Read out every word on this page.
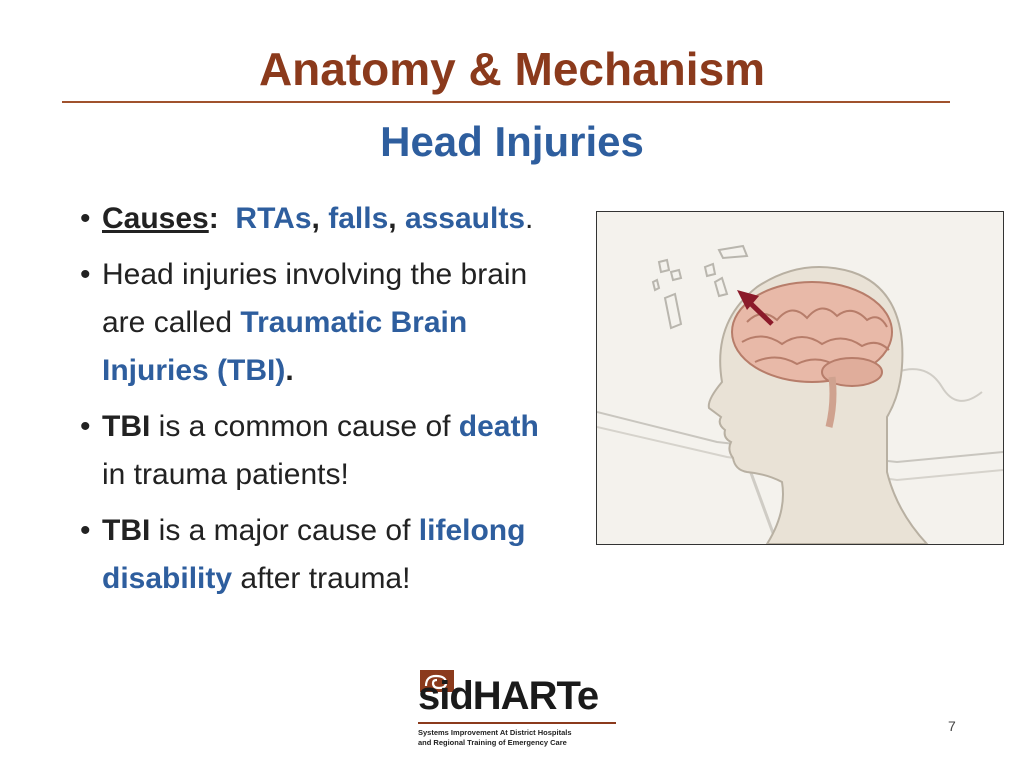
Anatomy & Mechanism
Head Injuries
• Causes: RTAs, falls, assaults.
• Head injuries involving the brain are called Traumatic Brain Injuries (TBI).
• TBI is a common cause of death in trauma patients!
• TBI is a major cause of lifelong disability after trauma!
sidHARTe
Systems Improvement At District Hospitals
and Regional Training of Emergency Care
7
